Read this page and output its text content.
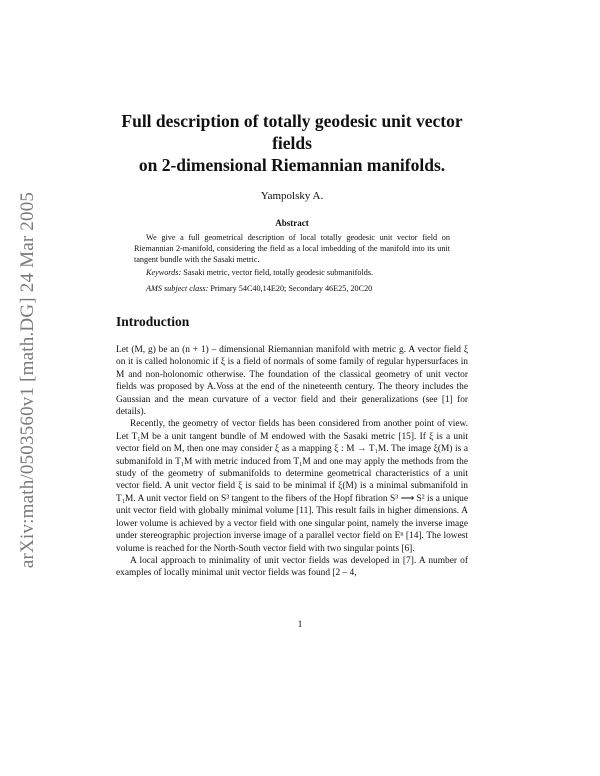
arXiv:math/0503560v1 [math.DG] 24 Mar 2005
Full description of totally geodesic unit vector fields
on 2-dimensional Riemannian manifolds.
Yampolsky A.
Abstract

We give a full geometrical description of local totally geodesic unit vector field on Riemannian 2-manifold, considering the field as a local imbedding of the manifold into its unit tangent bundle with the Sasaki metric.

Keywords: Sasaki metric, vector field, totally geodesic submanifolds.

AMS subject class: Primary 54C40,14E20; Secondary 46E25, 20C20

Introduction

Let (M, g) be an (n + 1) – dimensional Riemannian manifold with metric g. A vector field ξ on it is called holonomic if ξ is a field of normals of some family of regular hypersurfaces in M and non-holonomic otherwise. The foundation of the classical geometry of unit vector fields was proposed by A.Voss at the end of the nineteenth century. The theory includes the Gaussian and the mean curvature of a vector field and their generalizations (see [1] for details).

Recently, the geometry of vector fields has been considered from another point of view. Let T₁M be a unit tangent bundle of M endowed with the Sasaki metric [15]. If ξ is a unit vector field on M, then one may consider ξ as a mapping ξ : M → T₁M. The image ξ(M) is a submanifold in T₁M with metric induced from T₁M and one may apply the methods from the study of the geometry of submanifolds to determine geometrical characteristics of a unit vector field. A unit vector field ξ is said to be minimal if ξ(M) is a minimal submanifold in T₁M. A unit vector field on S³ tangent to the fibers of the Hopf fibration S³ ⟶ S² is a unique unit vector field with globally minimal volume [11]. This result fails in higher dimensions. A lower volume is achieved by a vector field with one singular point, namely the inverse image under stereographic projection inverse image of a parallel vector field on Eⁿ [14]. The lowest volume is reached for the North-South vector field with two singular points [6].

A local approach to minimality of unit vector fields was developed in [7]. A number of examples of locally minimal unit vector fields was found [2 – 4,

1
